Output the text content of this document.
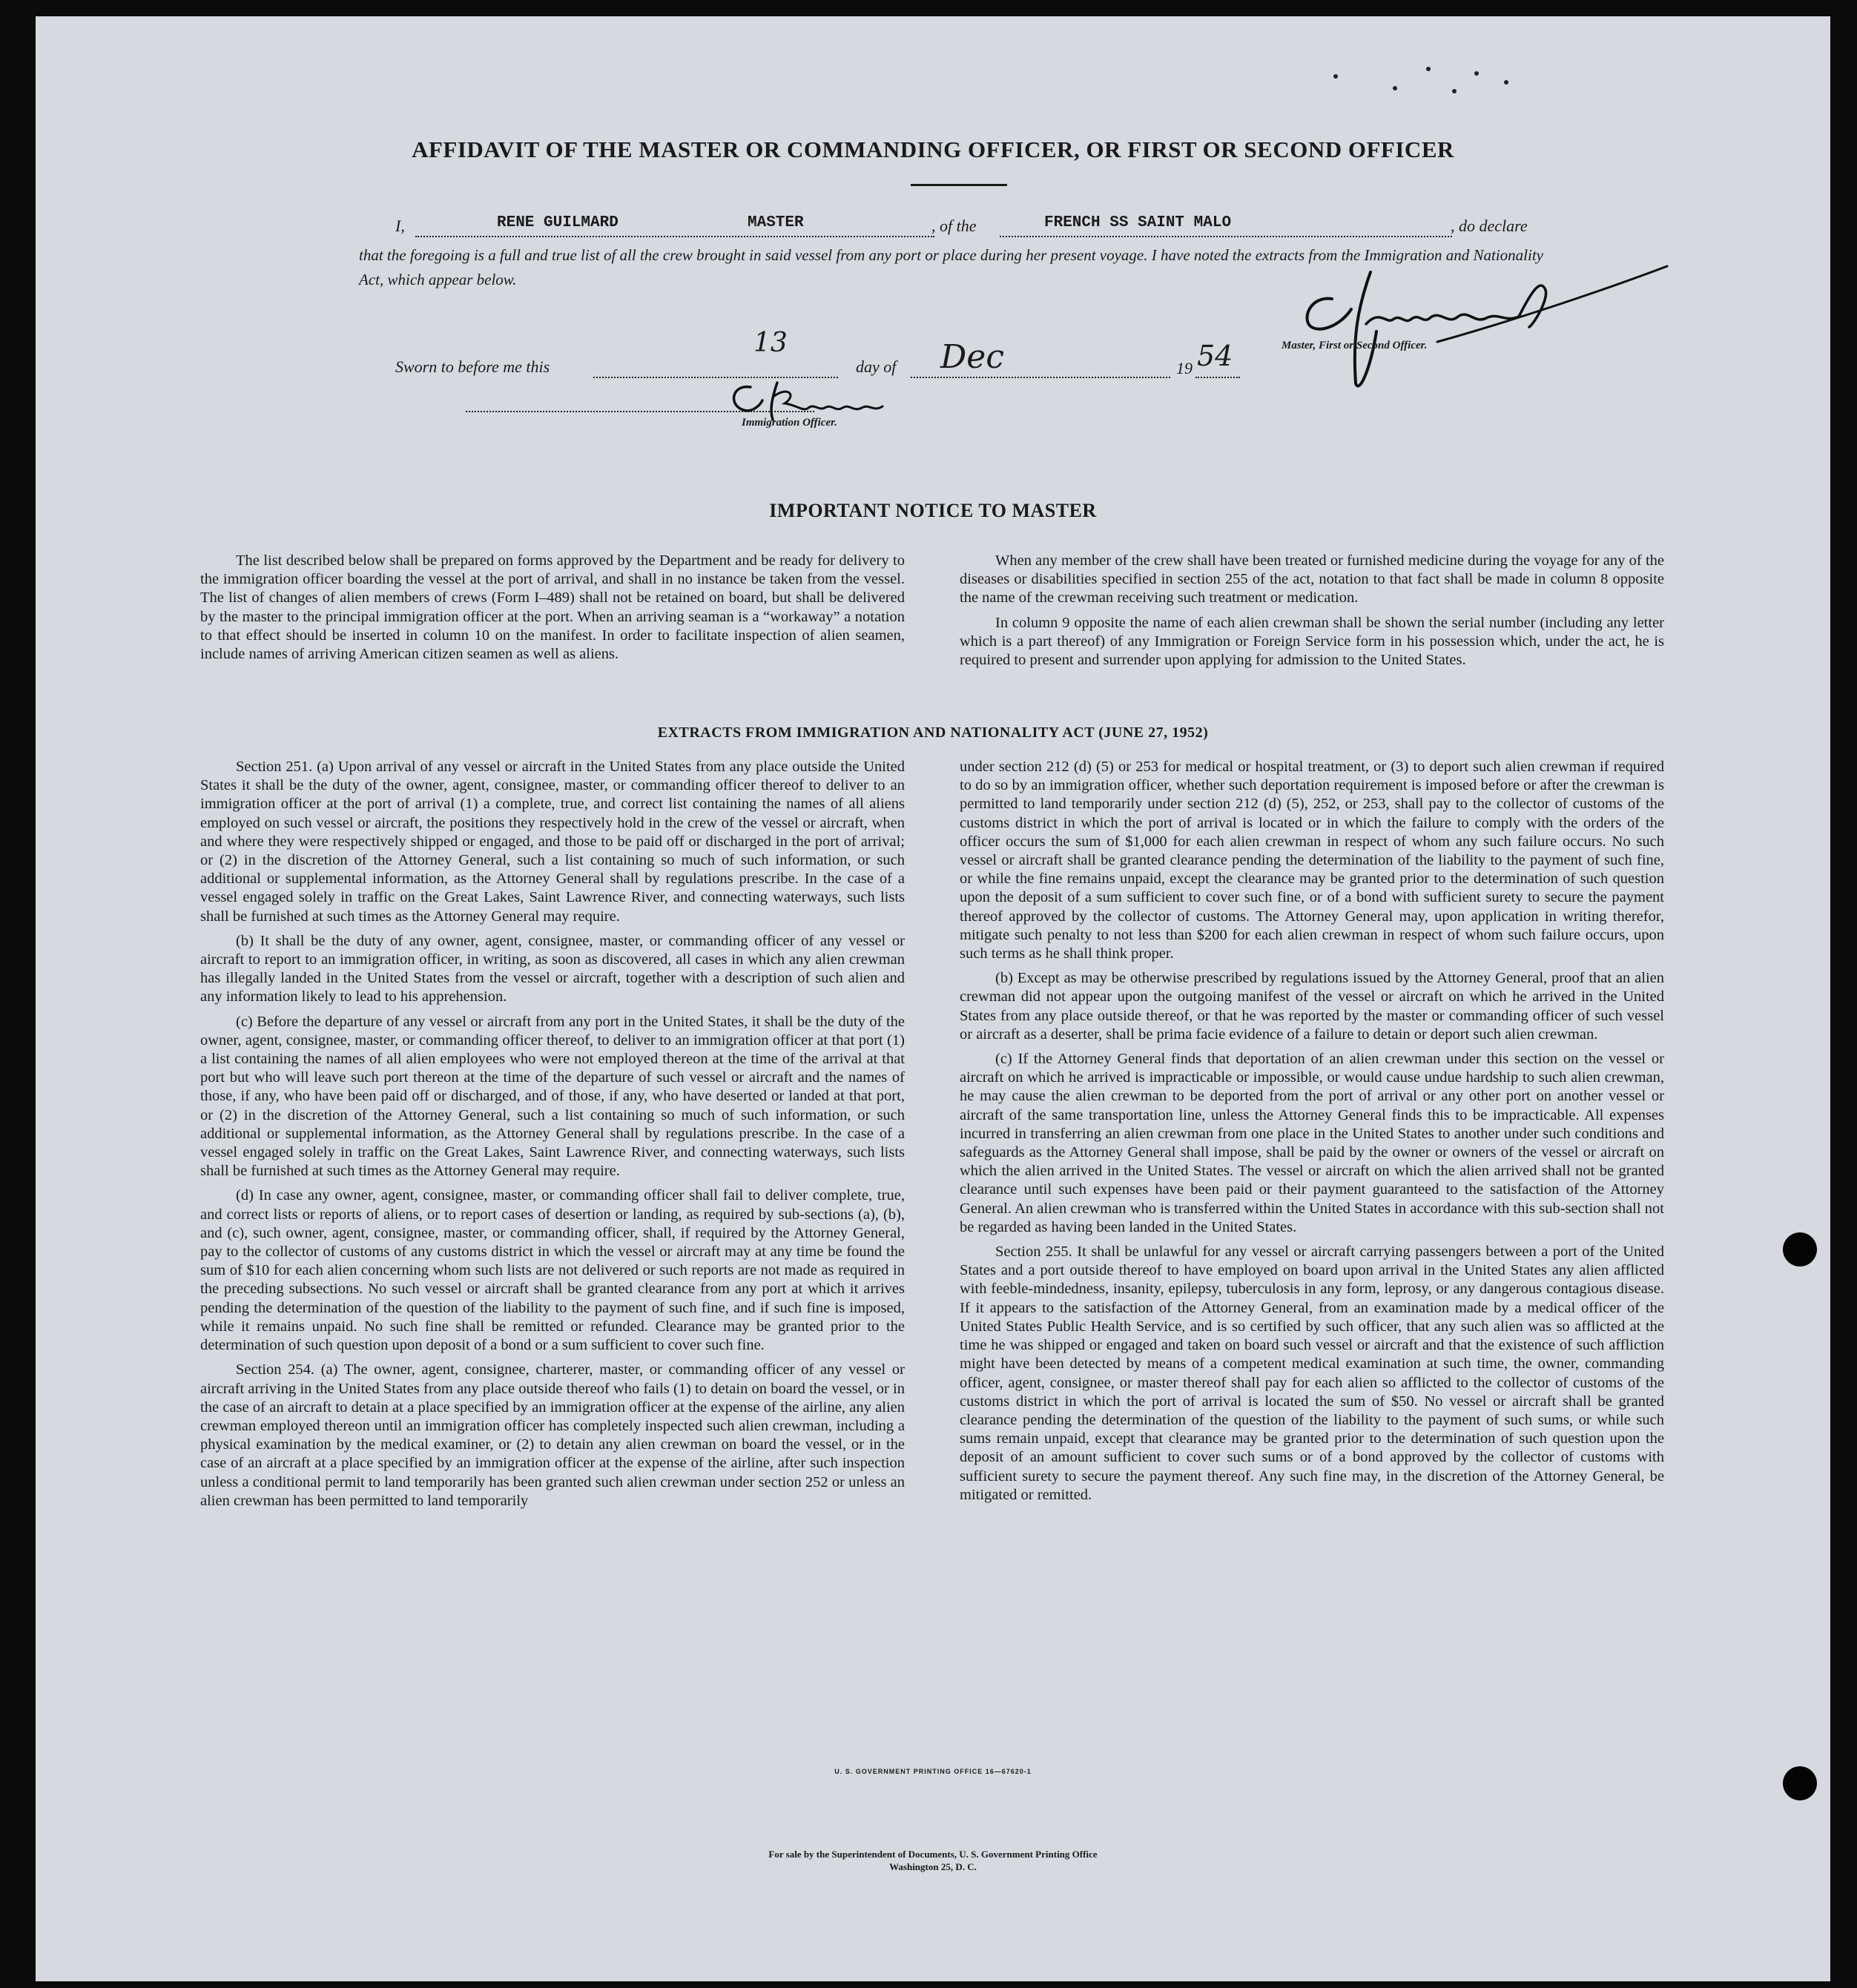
AFFIDAVIT OF THE MASTER OR COMMANDING OFFICER, OR FIRST OR SECOND OFFICER
I,	RENE GUILMARD	MASTER	, of the	FRENCH SS SAINT MALO	, do declare
that the foregoing is a full and true list of all the crew brought in said vessel from any port or place during her present voyage. I have noted the extracts from the Immigration and Nationality Act, which appear below.
Master, First or Second Officer.
Sworn to before me this
13
day of Dec	19 54
Immigration Officer.
IMPORTANT NOTICE TO MASTER

The list described below shall be prepared on forms approved by the Department and be ready for delivery to the immigration officer boarding the vessel at the port of arrival, and shall in no instance be taken from the vessel. The list of changes of alien members of crews (Form I–489) shall not be retained on board, but shall be delivered by the master to the principal immigration officer at the port. When an arriving seaman is a “workaway” a notation to that effect should be inserted in column 10 on the manifest. In order to facilitate inspection of alien seamen, include names of arriving American citizen seamen as well as aliens.

When any member of the crew shall have been treated or furnished medicine during the voyage for any of the diseases or disabilities specified in section 255 of the act, notation to that fact shall be made in column 8 opposite the name of the crewman receiving such treatment or medication.

In column 9 opposite the name of each alien crewman shall be shown the serial number (including any letter which is a part thereof) of any Immigration or Foreign Service form in his possession which, under the act, he is required to present and surrender upon applying for admission to the United States.

EXTRACTS FROM IMMIGRATION AND NATIONALITY ACT (JUNE 27, 1952)

Section 251. (a) Upon arrival of any vessel or aircraft in the United States from any place outside the United States it shall be the duty of the owner, agent, consignee, master, or commanding officer thereof to deliver to an immigration officer at the port of arrival (1) a complete, true, and correct list containing the names of all aliens employed on such vessel or aircraft, the positions they respectively hold in the crew of the vessel or aircraft, when and where they were respectively shipped or engaged, and those to be paid off or discharged in the port of arrival; or (2) in the discretion of the Attorney General, such a list containing so much of such information, or such additional or supplemental information, as the Attorney General shall by regulations prescribe. In the case of a vessel engaged solely in traffic on the Great Lakes, Saint Lawrence River, and connecting waterways, such lists shall be furnished at such times as the Attorney General may require.

(b) It shall be the duty of any owner, agent, consignee, master, or commanding officer of any vessel or aircraft to report to an immigration officer, in writing, as soon as discovered, all cases in which any alien crewman has illegally landed in the United States from the vessel or aircraft, together with a description of such alien and any information likely to lead to his apprehension.

(c) Before the departure of any vessel or aircraft from any port in the United States, it shall be the duty of the owner, agent, consignee, master, or commanding officer thereof, to deliver to an immigration officer at that port (1) a list containing the names of all alien employees who were not employed thereon at the time of the arrival at that port but who will leave such port thereon at the time of the departure of such vessel or aircraft and the names of those, if any, who have been paid off or discharged, and of those, if any, who have deserted or landed at that port, or (2) in the discretion of the Attorney General, such a list containing so much of such information, or such additional or supplemental information, as the Attorney General shall by regulations prescribe. In the case of a vessel engaged solely in traffic on the Great Lakes, Saint Lawrence River, and connecting waterways, such lists shall be furnished at such times as the Attorney General may require.

(d) In case any owner, agent, consignee, master, or commanding officer shall fail to deliver complete, true, and correct lists or reports of aliens, or to report cases of desertion or landing, as required by sub-sections (a), (b), and (c), such owner, agent, consignee, master, or commanding officer, shall, if required by the Attorney General, pay to the collector of customs of any customs district in which the vessel or aircraft may at any time be found the sum of $10 for each alien concerning whom such lists are not delivered or such reports are not made as required in the preceding subsections. No such vessel or aircraft shall be granted clearance from any port at which it arrives pending the determination of the question of the liability to the payment of such fine, and if such fine is imposed, while it remains unpaid. No such fine shall be remitted or refunded. Clearance may be granted prior to the determination of such question upon deposit of a bond or a sum sufficient to cover such fine.

Section 254. (a) The owner, agent, consignee, charterer, master, or commanding officer of any vessel or aircraft arriving in the United States from any place outside thereof who fails (1) to detain on board the vessel, or in the case of an aircraft to detain at a place specified by an immigration officer at the expense of the airline, any alien crewman employed thereon until an immigration officer has completely inspected such alien crewman, including a physical examination by the medical examiner, or (2) to detain any alien crewman on board the vessel, or in the case of an aircraft at a place specified by an immigration officer at the expense of the airline, after such inspection unless a conditional permit to land temporarily has been granted such alien crewman under section 252 or unless an alien crewman has been permitted to land temporarily

under section 212 (d) (5) or 253 for medical or hospital treatment, or (3) to deport such alien crewman if required to do so by an immigration officer, whether such deportation requirement is imposed before or after the crewman is permitted to land temporarily under section 212 (d) (5), 252, or 253, shall pay to the collector of customs of the customs district in which the port of arrival is located or in which the failure to comply with the orders of the officer occurs the sum of $1,000 for each alien crewman in respect of whom any such failure occurs. No such vessel or aircraft shall be granted clearance pending the determination of the liability to the payment of such fine, or while the fine remains unpaid, except the clearance may be granted prior to the determination of such question upon the deposit of a sum sufficient to cover such fine, or of a bond with sufficient surety to secure the payment thereof approved by the collector of customs. The Attorney General may, upon application in writing therefor, mitigate such penalty to not less than $200 for each alien crewman in respect of whom such failure occurs, upon such terms as he shall think proper.

(b) Except as may be otherwise prescribed by regulations issued by the Attorney General, proof that an alien crewman did not appear upon the outgoing manifest of the vessel or aircraft on which he arrived in the United States from any place outside thereof, or that he was reported by the master or commanding officer of such vessel or aircraft as a deserter, shall be prima facie evidence of a failure to detain or deport such alien crewman.

(c) If the Attorney General finds that deportation of an alien crewman under this section on the vessel or aircraft on which he arrived is impracticable or impossible, or would cause undue hardship to such alien crewman, he may cause the alien crewman to be deported from the port of arrival or any other port on another vessel or aircraft of the same transportation line, unless the Attorney General finds this to be impracticable. All expenses incurred in transferring an alien crewman from one place in the United States to another under such conditions and safeguards as the Attorney General shall impose, shall be paid by the owner or owners of the vessel or aircraft on which the alien arrived in the United States. The vessel or aircraft on which the alien arrived shall not be granted clearance until such expenses have been paid or their payment guaranteed to the satisfaction of the Attorney General. An alien crewman who is transferred within the United States in accordance with this sub-section shall not be regarded as having been landed in the United States.

Section 255. It shall be unlawful for any vessel or aircraft carrying passengers between a port of the United States and a port outside thereof to have employed on board upon arrival in the United States any alien afflicted with feeble-mindedness, insanity, epilepsy, tuberculosis in any form, leprosy, or any dangerous contagious disease. If it appears to the satisfaction of the Attorney General, from an examination made by a medical officer of the United States Public Health Service, and is so certified by such officer, that any such alien was so afflicted at the time he was shipped or engaged and taken on board such vessel or aircraft and that the existence of such affliction might have been detected by means of a competent medical examination at such time, the owner, commanding officer, agent, consignee, or master thereof shall pay for each alien so afflicted to the collector of customs of the customs district in which the port of arrival is located the sum of $50. No vessel or aircraft shall be granted clearance pending the determination of the question of the liability to the payment of such sums, or while such sums remain unpaid, except that clearance may be granted prior to the determination of such question upon the deposit of an amount sufficient to cover such sums or of a bond approved by the collector of customs with sufficient surety to secure the payment thereof. Any such fine may, in the discretion of the Attorney General, be mitigated or remitted.

U. S. GOVERNMENT PRINTING OFFICE 16—67620-1
For sale by the Superintendent of Documents, U. S. Government Printing Office
Washington 25, D. C.
